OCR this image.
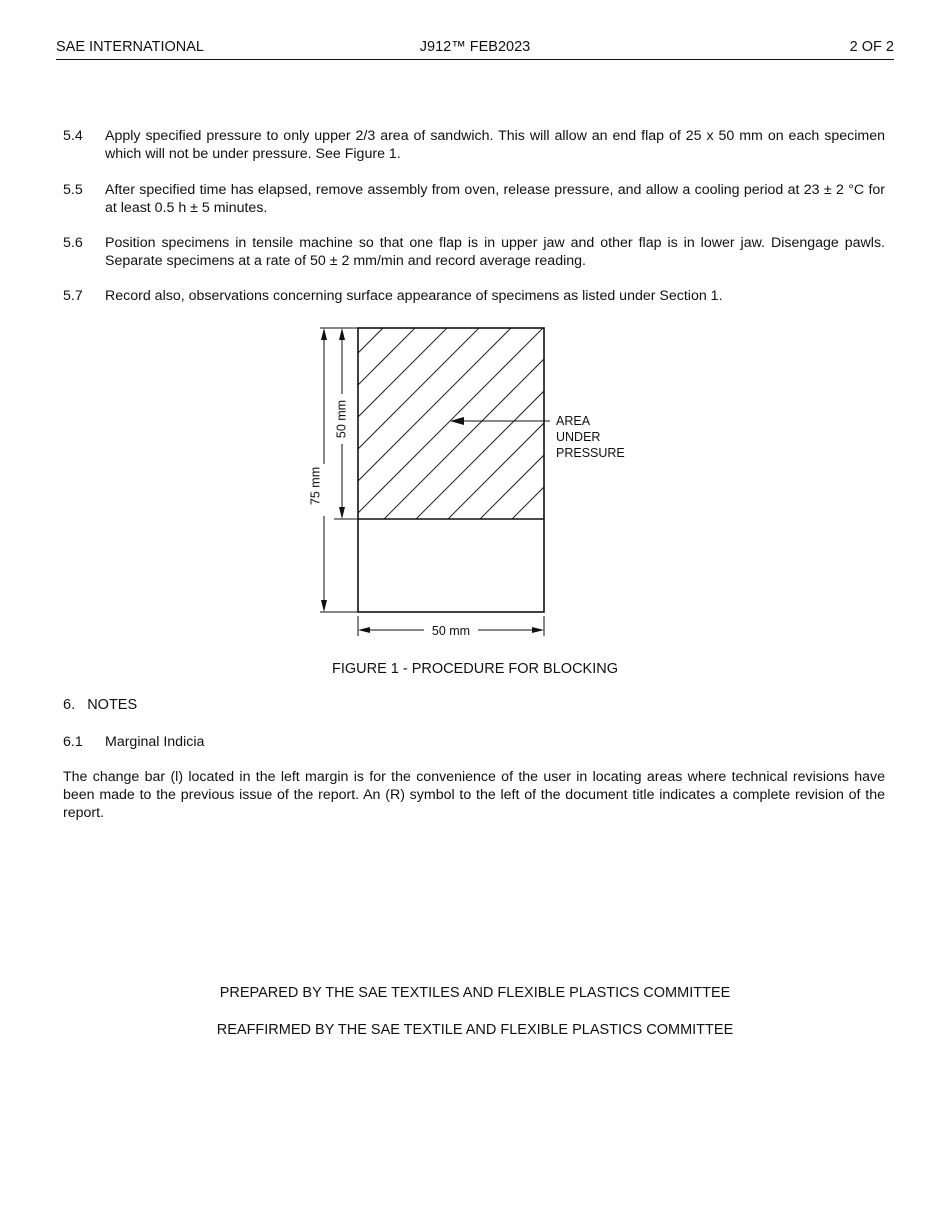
SAE INTERNATIONAL	J912™ FEB2023	2 OF 2
5.4 Apply specified pressure to only upper 2/3 area of sandwich. This will allow an end flap of 25 x 50 mm on each specimen which will not be under pressure. See Figure 1.
5.5 After specified time has elapsed, remove assembly from oven, release pressure, and allow a cooling period at 23 ± 2 °C for at least 0.5 h ± 5 minutes.
5.6 Position specimens in tensile machine so that one flap is in upper jaw and other flap is in lower jaw. Disengage pawls. Separate specimens at a rate of 50 ± 2 mm/min and record average reading.
5.7 Record also, observations concerning surface appearance of specimens as listed under Section 1.
75 mm
50 mm
50 mm
AREA
UNDER
PRESSURE
FIGURE 1 - PROCEDURE FOR BLOCKING
6. NOTES
6.1 Marginal Indicia
The change bar (l) located in the left margin is for the convenience of the user in locating areas where technical revisions have been made to the previous issue of the report. An (R) symbol to the left of the document title indicates a complete revision of the report.
PREPARED BY THE SAE TEXTILES AND FLEXIBLE PLASTICS COMMITTEE
REAFFIRMED BY THE SAE TEXTILE AND FLEXIBLE PLASTICS COMMITTEE
